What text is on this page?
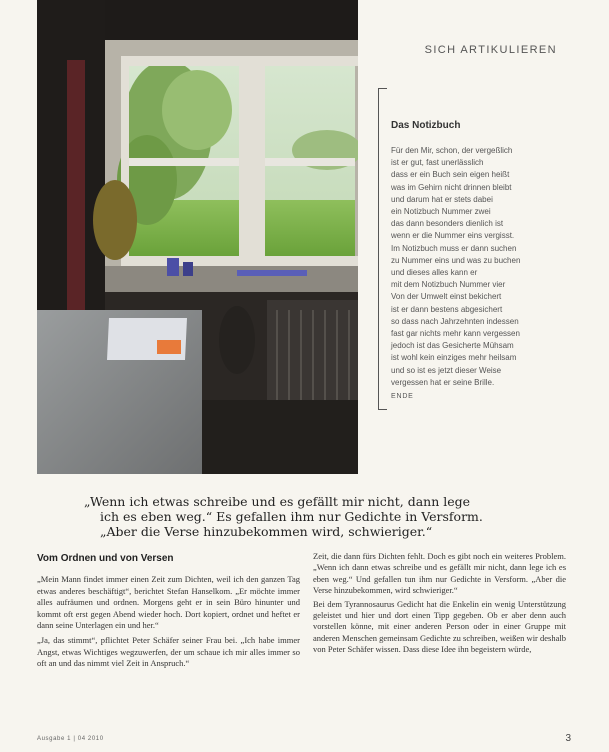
SICH ARTIKULIEREN
Das Notizbuch
Für den Mir, schon, der vergeßlich
ist er gut, fast unerlässlich
dass er ein Buch sein eigen heißt
was im Gehirn nicht drinnen bleibt
und darum hat er stets dabei
ein Notizbuch Nummer zwei
das dann besonders dienlich ist
wenn er die Nummer eins vergisst.
Im Notizbuch muss er dann suchen
zu Nummer eins und was zu buchen
und dieses alles kann er
mit dem Notizbuch Nummer vier
Von der Umwelt einst bekichert
ist er dann bestens abgesichert
so dass nach Jahrzehnten indessen
fast gar nichts mehr kann vergessen
jedoch ist das Gesicherte Mühsam
ist wohl kein einziges mehr heilsam
und so ist es jetzt dieser Weise
vergessen hat er seine Brille.
ENDE

„Wenn ich etwas schreibe und es gefällt mir nicht, dann lege

ich es eben weg.“ Es gefallen ihm nur Gedichte in Versform.

„Aber die Verse hinzubekommen wird, schwieriger.“

Vom Ordnen und von Versen

„Mein Mann findet immer einen Zeit zum Dichten, weil ich den ganzen Tag etwas anderes beschäftigt“, berichtet Stefan Hanselkom. „Er möchte immer alles aufräumen und ordnen. Morgens geht er in sein Büro hinunter und kommt oft erst gegen Abend wieder hoch. Dort kopiert, ordnet und heftet er dann seine Unterlagen ein und her.“

„Ja, das stimmt“, pflichtet Peter Schäfer seiner Frau bei. „Ich habe immer Angst, etwas Wichtiges wegzuwerfen, der um schaue ich mir alles immer so oft an und das nimmt viel Zeit in Anspruch.“

Zeit, die dann fürs Dichten fehlt. Doch es gibt noch ein weiteres Problem. „Wenn ich dann etwas schreibe und es gefällt mir nicht, dann lege ich es eben weg.“ Und gefallen tun ihm nur Gedichte in Versform. „Aber die Verse hinzubekommen, wird schwieriger.“

Bei dem Tyrannosaurus Gedicht hat die Enkelin ein wenig Unterstützung geleistet und hier und dort einen Tipp gegeben. Ob er aber denn auch vorstellen könne, mit einer anderen Person oder in einer Gruppe mit anderen Menschen gemeinsam Gedichte zu schreiben, weißen wir deshalb von Peter Schäfer wissen. Dass diese Idee ihn begeistern würde,

Ausgabe 1 | 04 2010	3
